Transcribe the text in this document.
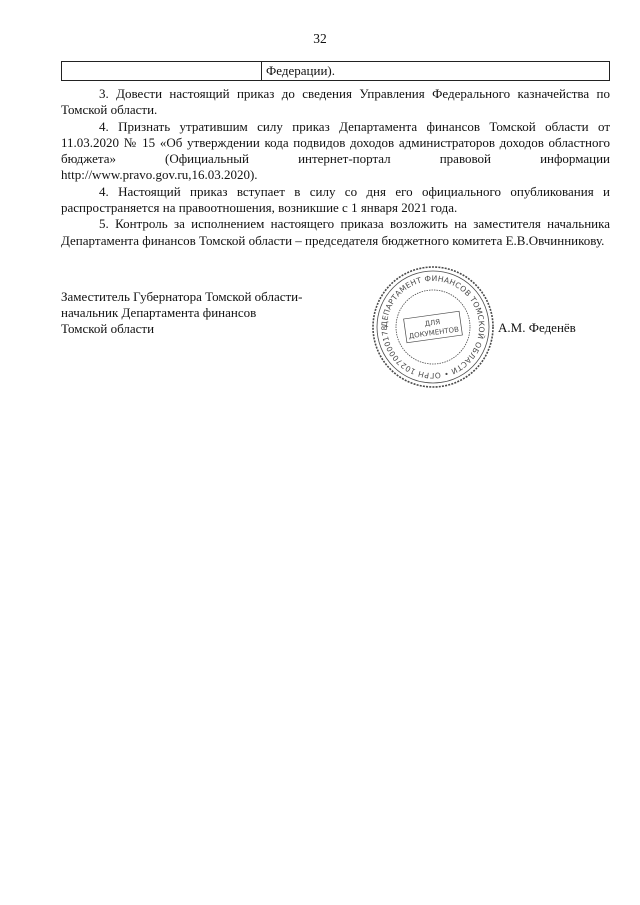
32
Федерации).

3. Довести настоящий приказ до сведения Управления Федерального казначейства по Томской области.

4. Признать утратившим силу приказ Департамента финансов Томской области от 11.03.2020 № 15 «Об утверждении кода подвидов доходов администраторов доходов областного бюджета» (Официальный интернет-портал правовой информации http://www.pravo.gov.ru,16.03.2020).

4. Настоящий приказ вступает в силу со дня его официального опубликования и распространяется на правоотношения, возникшие с 1 января 2021 года.

5. Контроль за исполнением настоящего приказа возложить на заместителя начальника Департамента финансов Томской области – председателя бюджетного комитета Е.В.Овчинникову.

Заместитель Губернатора Томской области-
начальник Департамента финансов
Томской области	ДЕПАРТАМЕНТ ФИНАНСОВ ТОМСКОЙ ОБЛАСТИ • ОГРН 10270000178	ДЛЯ
ДОКУМЕНТОВ	А.М. Феденёв
